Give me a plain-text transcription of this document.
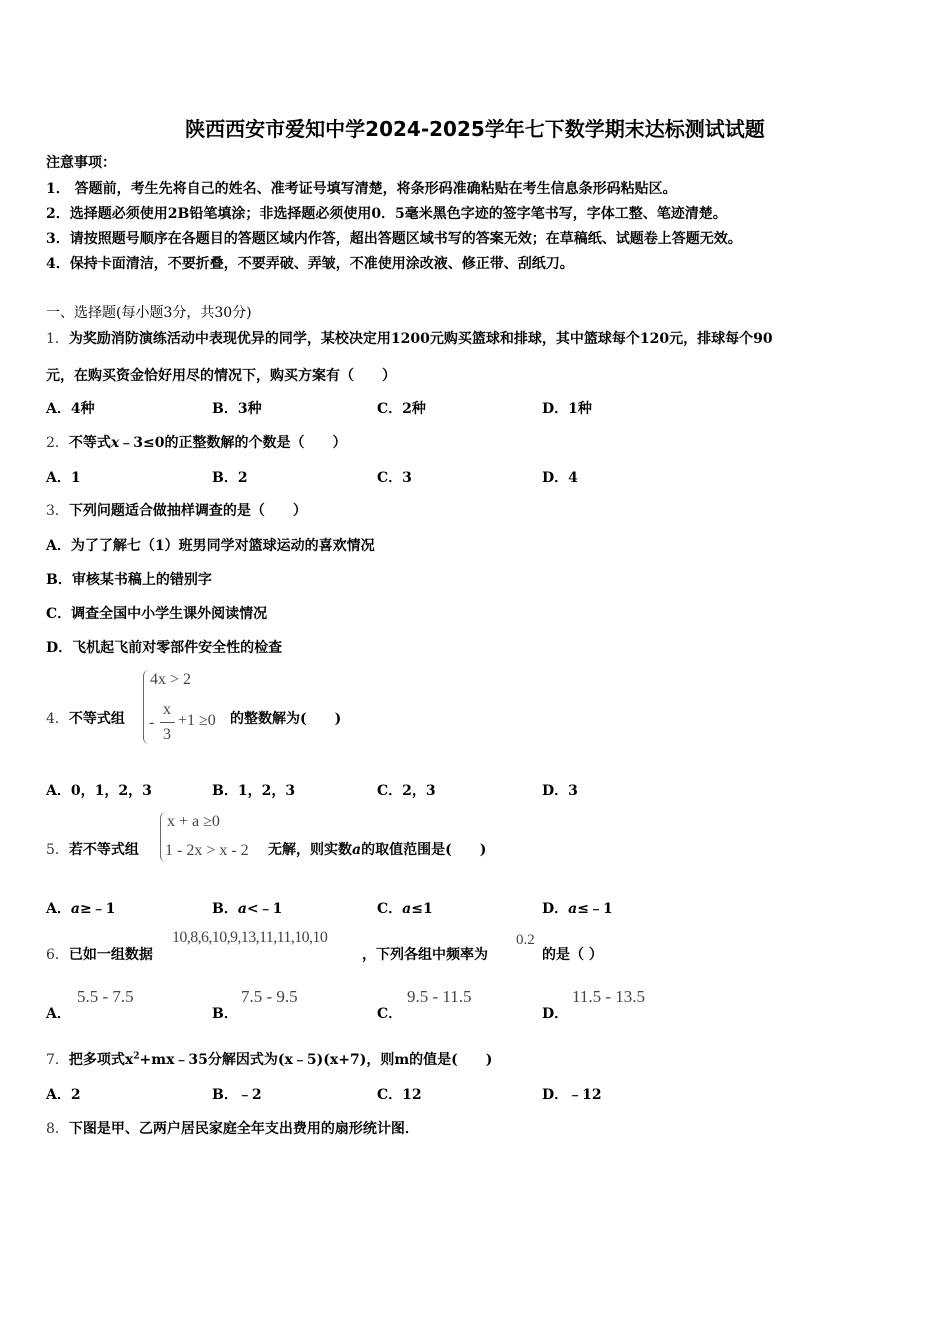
陕西西安市爱知中学2024-2025学年七下数学期末达标测试试题
注意事项：
1． 答题前，考生先将自己的姓名、准考证号填写清楚，将条形码准确粘贴在考生信息条形码粘贴区。
2．选择题必须使用2B铅笔填涂；非选择题必须使用0．5毫米黑色字迹的签字笔书写，字体工整、笔迹清楚。
3．请按照题号顺序在各题目的答题区域内作答，超出答题区域书写的答案无效；在草稿纸、试题卷上答题无效。
4．保持卡面清洁，不要折叠，不要弄破、弄皱，不准使用涂改液、修正带、刮纸刀。
一、选择题(每小题3分，共30分)
1．为奖励消防演练活动中表现优异的同学，某校决定用1200元购买篮球和排球，其中篮球每个120元，排球每个90
元，在购买资金恰好用尽的情况下，购买方案有（　　）
A．4种	B．3种	C．2种	D．1种
2．不等式x﹣3≤0的正整数解的个数是（　　）
A．1	B．2	C．3	D．4
3．下列问题适合做抽样调查的是（　　）
A．为了了解七（1）班男同学对篮球运动的喜欢情况
B．审核某书稿上的错别字
C．调查全国中小学生课外阅读情况
D．飞机起飞前对零部件安全性的检查
4．不等式组
4x > 2
-
x
3
+1 ≥0 的整数解为(　　)
A．0，1，2，3	B．1，2，3	C．2，3	D．3
5．若不等式组
x + a ≥0
1 - 2x > x - 2 无解，则实数a的取值范围是(　　)
A．a≥﹣1	B．a<﹣1	C．a≤1	D．a≤﹣1
6．已如一组数据
10,8,6,10,9,13,11,11,10,10
，下列各组中频率为
0.2
的是（ ）
A．
5.5 - 7.5
B．
7.5 - 9.5
C．
9.5 - 11.5
D．
11.5 - 13.5
7．把多项式$x^2+mx﹣35$分解因式为(x﹣5)(x+7)，则m的值是(　　)
A．2	B．﹣2	C．12	D．﹣12
8．下图是甲、乙两户居民家庭全年支出费用的扇形统计图．
